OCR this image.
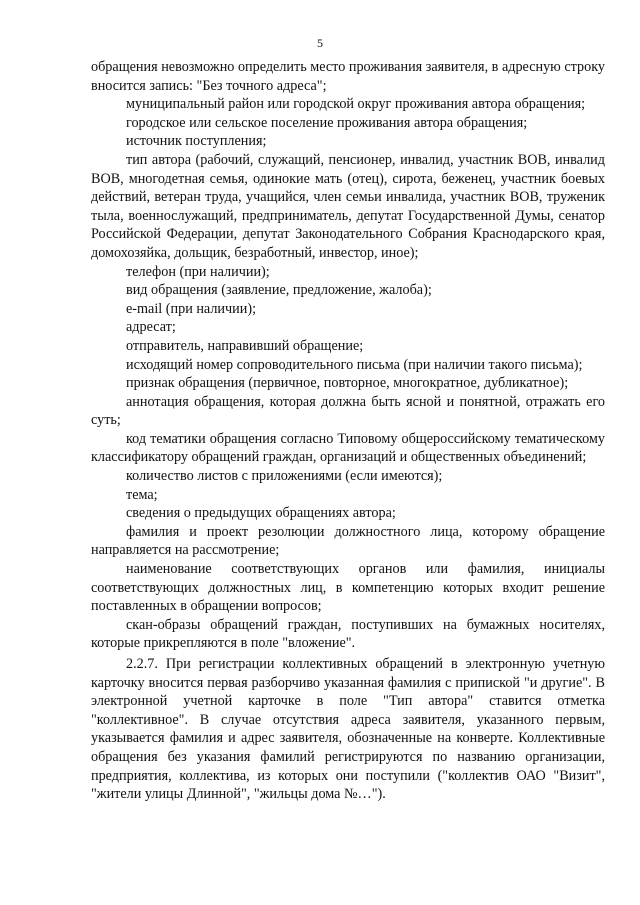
5

обращения невозможно определить место проживания заявителя, в адресную строку вносится запись: "Без точного адреса";

муниципальный район или городской округ проживания автора обращения;

городское или сельское поселение проживания автора обращения;

источник поступления;

тип автора (рабочий, служащий, пенсионер, инвалид, участник ВОВ, инвалид ВОВ, многодетная семья, одинокие мать (отец), сирота, беженец, участник боевых действий, ветеран труда, учащийся, член семьи инвалида, участник ВОВ, труженик тыла, военнослужащий, предприниматель, депутат Государственной Думы, сенатор Российской Федерации, депутат Законодательного Собрания Краснодарского края, домохозяйка, дольщик, безработный, инвестор, иное);

телефон (при наличии);

вид обращения (заявление, предложение, жалоба);

e-mail (при наличии);

адресат;

отправитель, направивший обращение;

исходящий номер сопроводительного письма (при наличии такого письма);

признак обращения (первичное, повторное, многократное, дубликатное);

аннотация обращения, которая должна быть ясной и понятной, отражать его суть;

код тематики обращения согласно Типовому общероссийскому тематическому классификатору обращений граждан, организаций и общественных объединений;

количество листов с приложениями (если имеются);

тема;

сведения о предыдущих обращениях автора;

фамилия и проект резолюции должностного лица, которому обращение направляется на рассмотрение;

наименование соответствующих органов или фамилия, инициалы соответствующих должностных лиц, в компетенцию которых входит решение поставленных в обращении вопросов;

скан-образы обращений граждан, поступивших на бумажных носителях, которые прикрепляются в поле "вложение".

2.2.7. При регистрации коллективных обращений в электронную учетную карточку вносится первая разборчиво указанная фамилия с припиской "и другие". В электронной учетной карточке в поле "Тип автора" ставится отметка "коллективное". В случае отсутствия адреса заявителя, указанного первым, указывается фамилия и адрес заявителя, обозначенные на конверте. Коллективные обращения без указания фамилий регистрируются по названию организации, предприятия, коллектива, из которых они поступили ("коллектив ОАО "Визит", "жители улицы Длинной", "жильцы дома №…").
